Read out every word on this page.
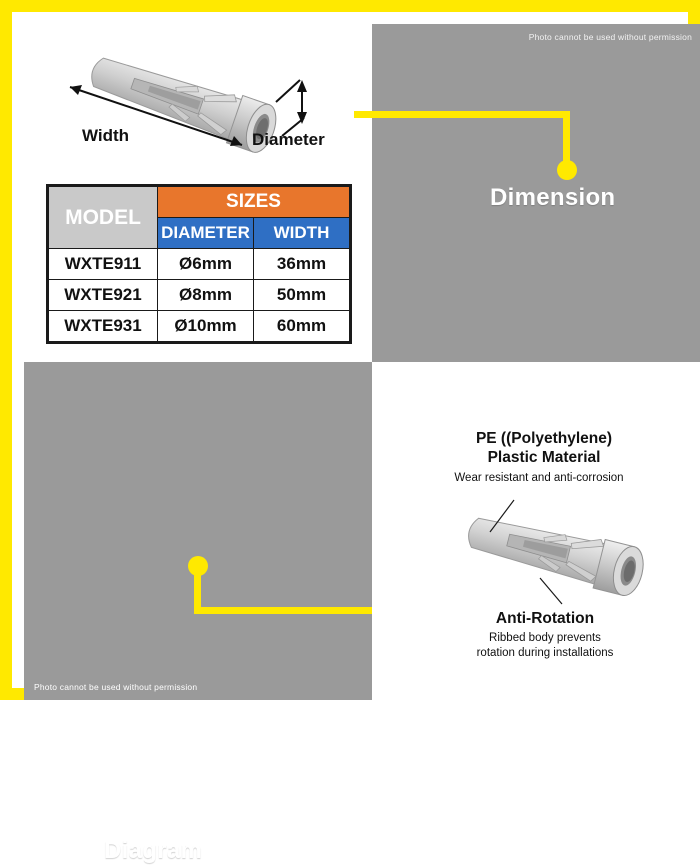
Width	Diameter
MODEL	SIZES	
	DIAMETER	WIDTH
WXTE911	Ø6mm	36mm
WXTE921	Ø8mm	50mm
WXTE931	Ø10mm	60mm
Photo cannot be used without permission
Dimension
Photo cannot be used without permission
Diagram
PE ((Polyethylene)
Plastic Material
Wear resistant and anti-corrosion
Anti-Rotation
Ribbed body prevents
rotation during installations
